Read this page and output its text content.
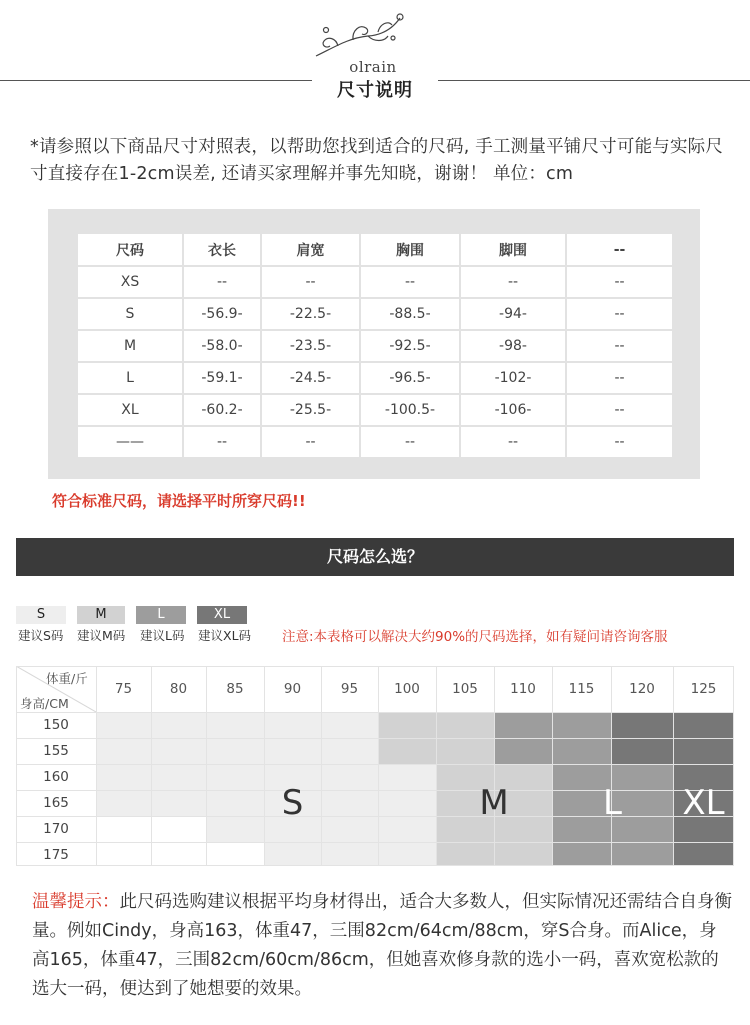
olrain
尺寸说明
*请参照以下商品尺寸对照表，以帮助您找到适合的尺码, 手工测量平铺尺寸可能与实际尺寸直接存在1-2cm误差, 还请买家理解并事先知晓，谢谢！ 单位：cm
尺码	衣长	肩宽	胸围	脚围	--
XS	--	--	--	--	--
S	-56.9-	-22.5-	-88.5-	-94-	--
M	-58.0-	-23.5-	-92.5-	-98-	--
L	-59.1-	-24.5-	-96.5-	-102-	--
XL	-60.2-	-25.5-	-100.5-	-106-	--
——	--	--	--	--	--
符合标准尺码，请选择平时所穿尺码!!
尺码怎么选？
S	M	L	XL
建议S码 建议M码 建议L码 建议XL码 注意:本表格可以解决大约90%的尺码选择，如有疑问请咨询客服
体重/斤
身高/CM
75	80	85	90	95	100	105	110	115	120	125
150
155
160
165
170
175
S	M	L	XL
温馨提示：此尺码选购建议根据平均身材得出，适合大多数人，但实际情况还需结合自身衡量。例如Cindy，身高163，体重47，三围82cm/64cm/88cm，穿S合身。而Alice，身高165，体重47，三围82cm/60cm/86cm，但她喜欢修身款的选小一码，喜欢宽松款的选大一码，便达到了她想要的效果。
